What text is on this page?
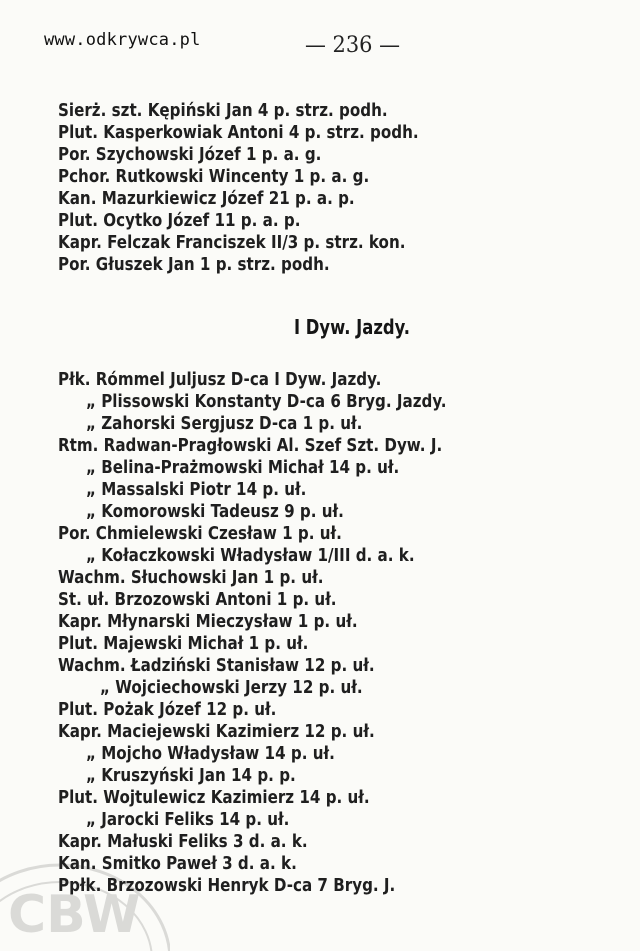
www.odkrywca.pl	— 236 —
Sierż. szt. Kępiński Jan 4 p. strz. podh.
Plut. Kasperkowiak Antoni 4 p. strz. podh.
Por. Szychowski Józef 1 p. a. g.
Pchor. Rutkowski Wincenty 1 p. a. g.
Kan. Mazurkiewicz Józef 21 p. a. p.
Plut. Ocytko Józef 11 p. a. p.
Kapr. Felczak Franciszek II/3 p. strz. kon.
Por. Głuszek Jan 1 p. strz. podh.
I Dyw. Jazdy.
Płk. Rómmel Juljusz D-ca I Dyw. Jazdy.
„ Plissowski Konstanty D-ca 6 Bryg. Jazdy.
„ Zahorski Sergjusz D-ca 1 p. uł.
Rtm. Radwan-Pragłowski Al. Szef Szt. Dyw. J.
„ Belina-Prażmowski Michał 14 p. uł.
„ Massalski Piotr 14 p. uł.
„ Komorowski Tadeusz 9 p. uł.
Por. Chmielewski Czesław 1 p. uł.
„ Kołaczkowski Władysław 1/III d. a. k.
Wachm. Słuchowski Jan 1 p. uł.
St. uł. Brzozowski Antoni 1 p. uł.
Kapr. Młynarski Mieczysław 1 p. uł.
Plut. Majewski Michał 1 p. uł.
Wachm. Ładziński Stanisław 12 p. uł.
„ Wojciechowski Jerzy 12 p. uł.
Plut. Pożak Józef 12 p. uł.
Kapr. Maciejewski Kazimierz 12 p. uł.
„ Mojcho Władysław 14 p. uł.
„ Kruszyński Jan 14 p. p.
Plut. Wojtulewicz Kazimierz 14 p. uł.
„ Jarocki Feliks 14 p. uł.
Kapr. Małuski Feliks 3 d. a. k.
Kan. Smitko Paweł 3 d. a. k.
Ppłk. Brzozowski Henryk D-ca 7 Bryg. J.
CBW
